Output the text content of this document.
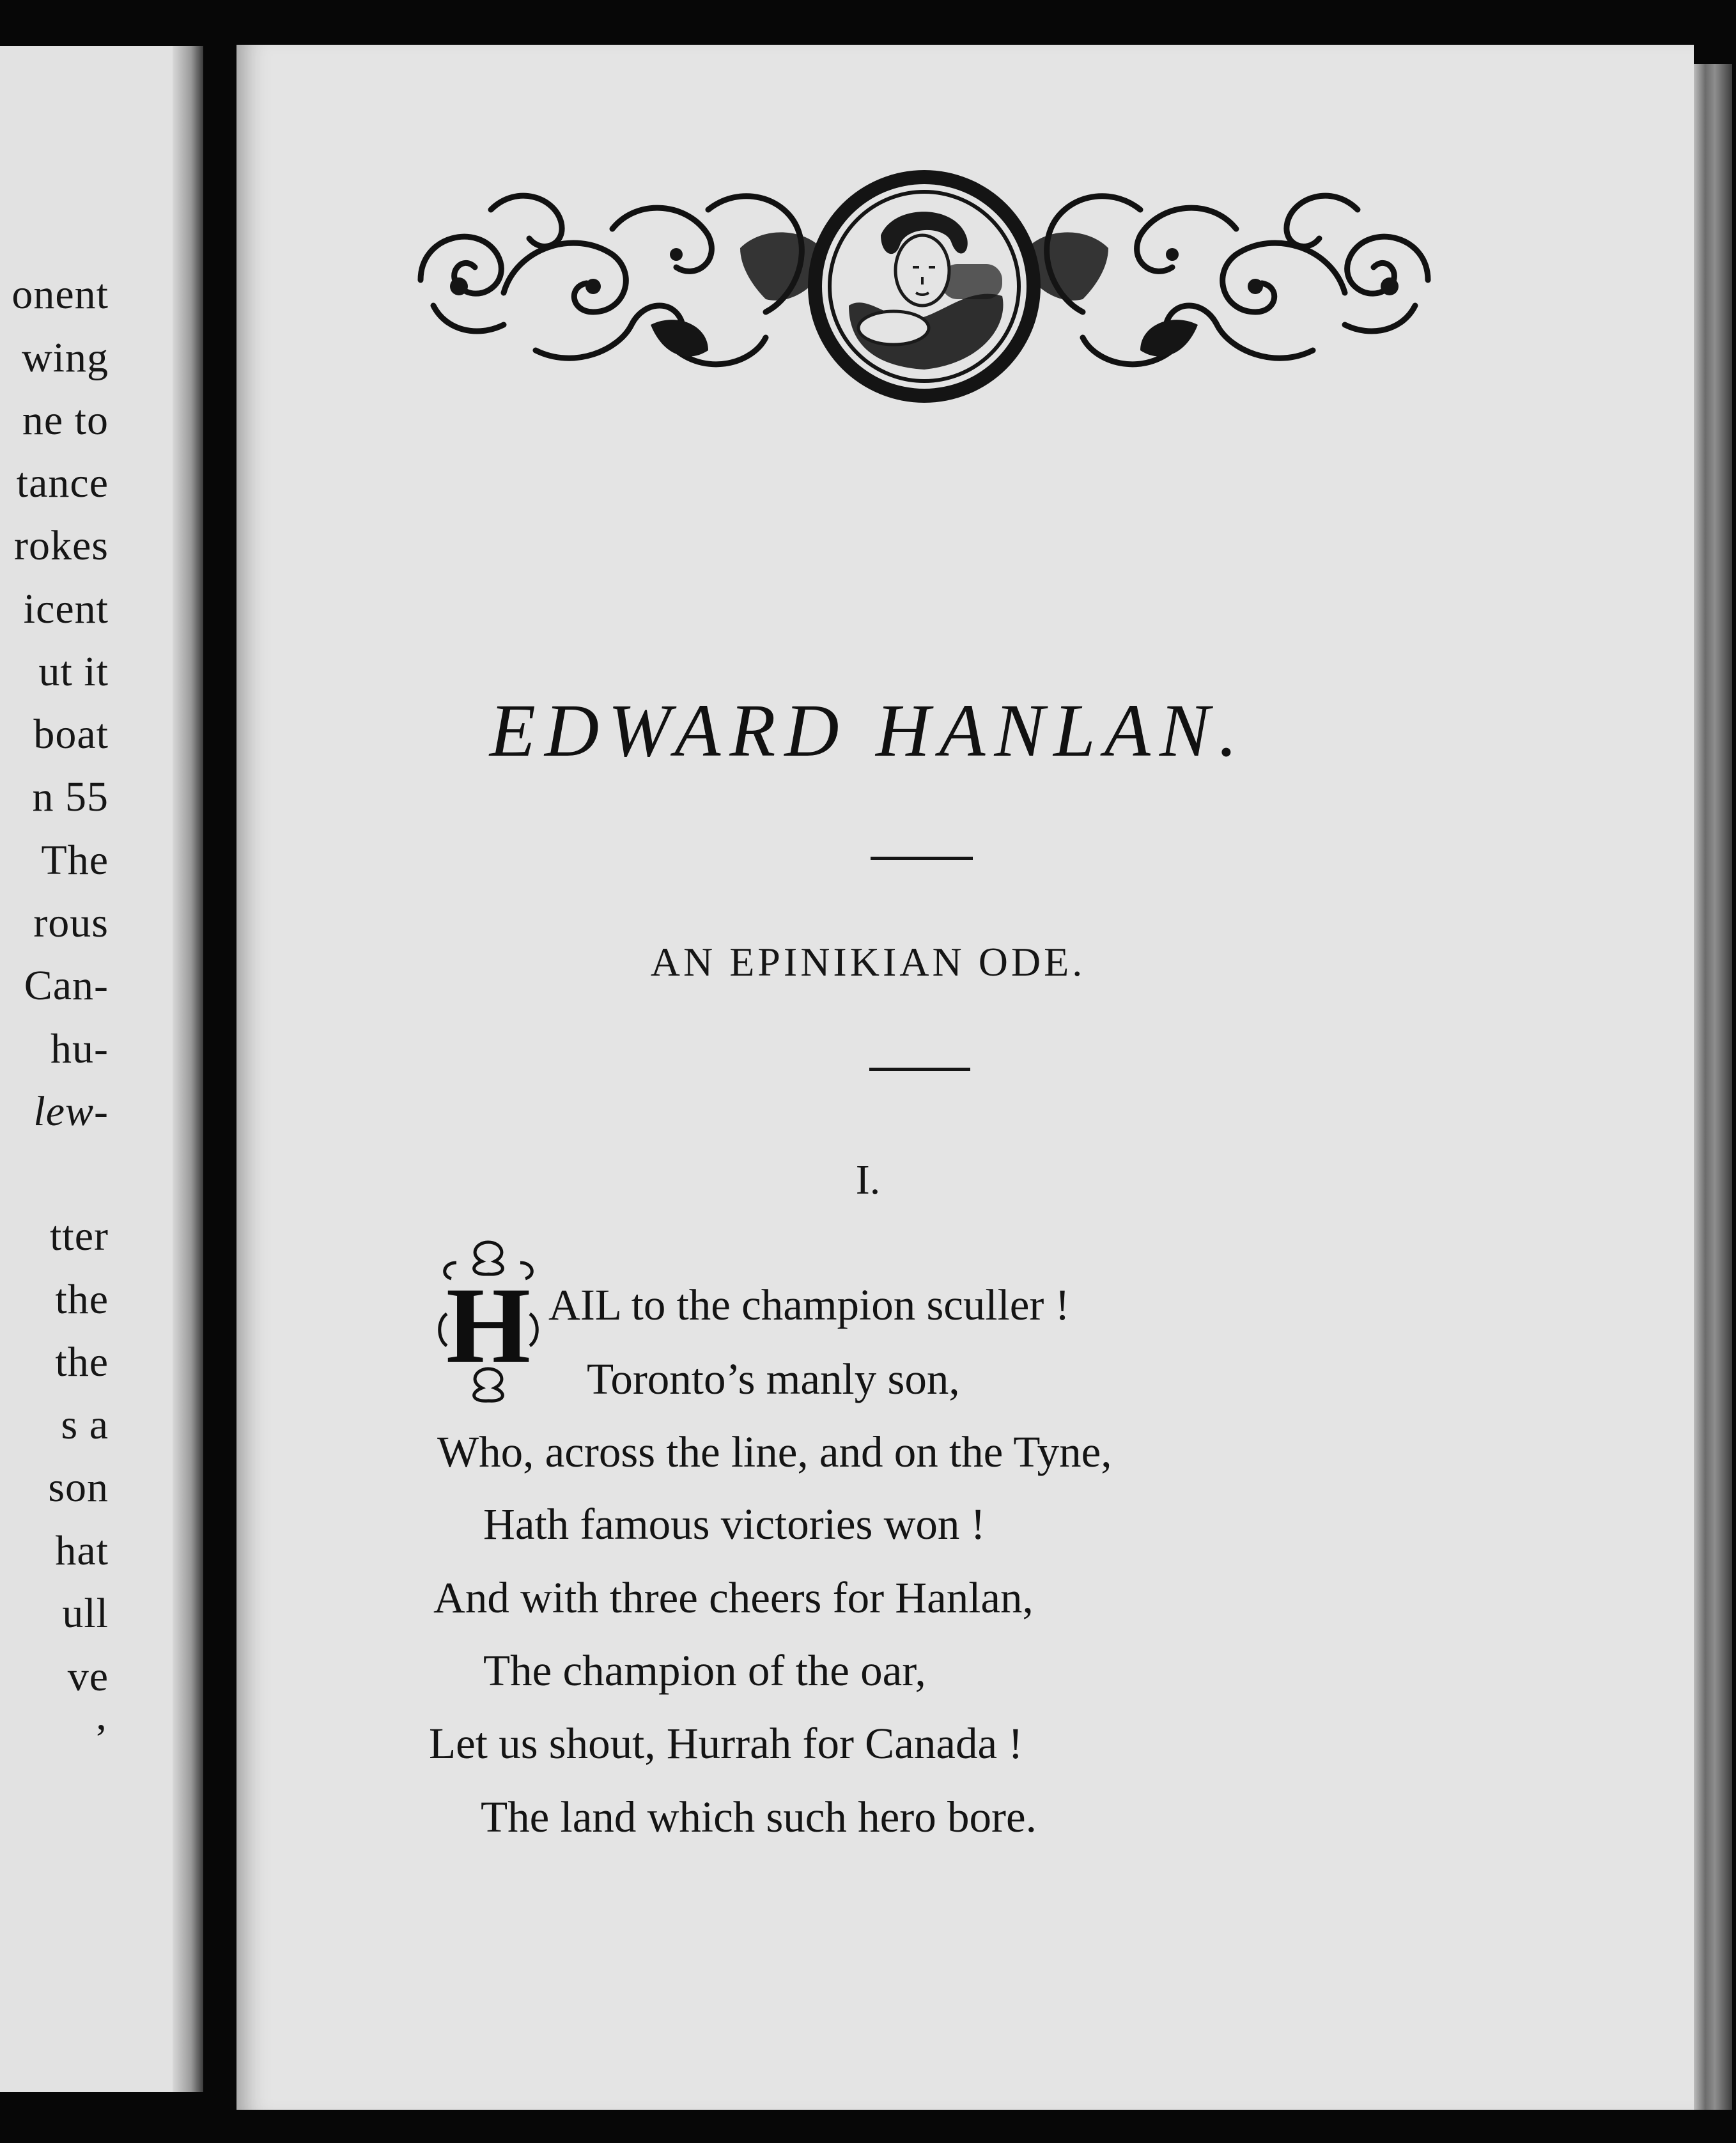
onent
wing
ne to
tance
rokes
icent
ut it
boat
n 55
The
rous
Can-
hu-
lew-
tter
the
the
s a
son
hat
ull
ve
’
EDWARD HANLAN.
AN EPINIKIAN ODE.
I.
H AIL to the champion sculler !
Toronto’s manly son,
Who, across the line, and on the Tyne,
Hath famous victories won !
And with three cheers for Hanlan,
The champion of the oar,
Let us shout, Hurrah for Canada !
The land which such hero bore.
